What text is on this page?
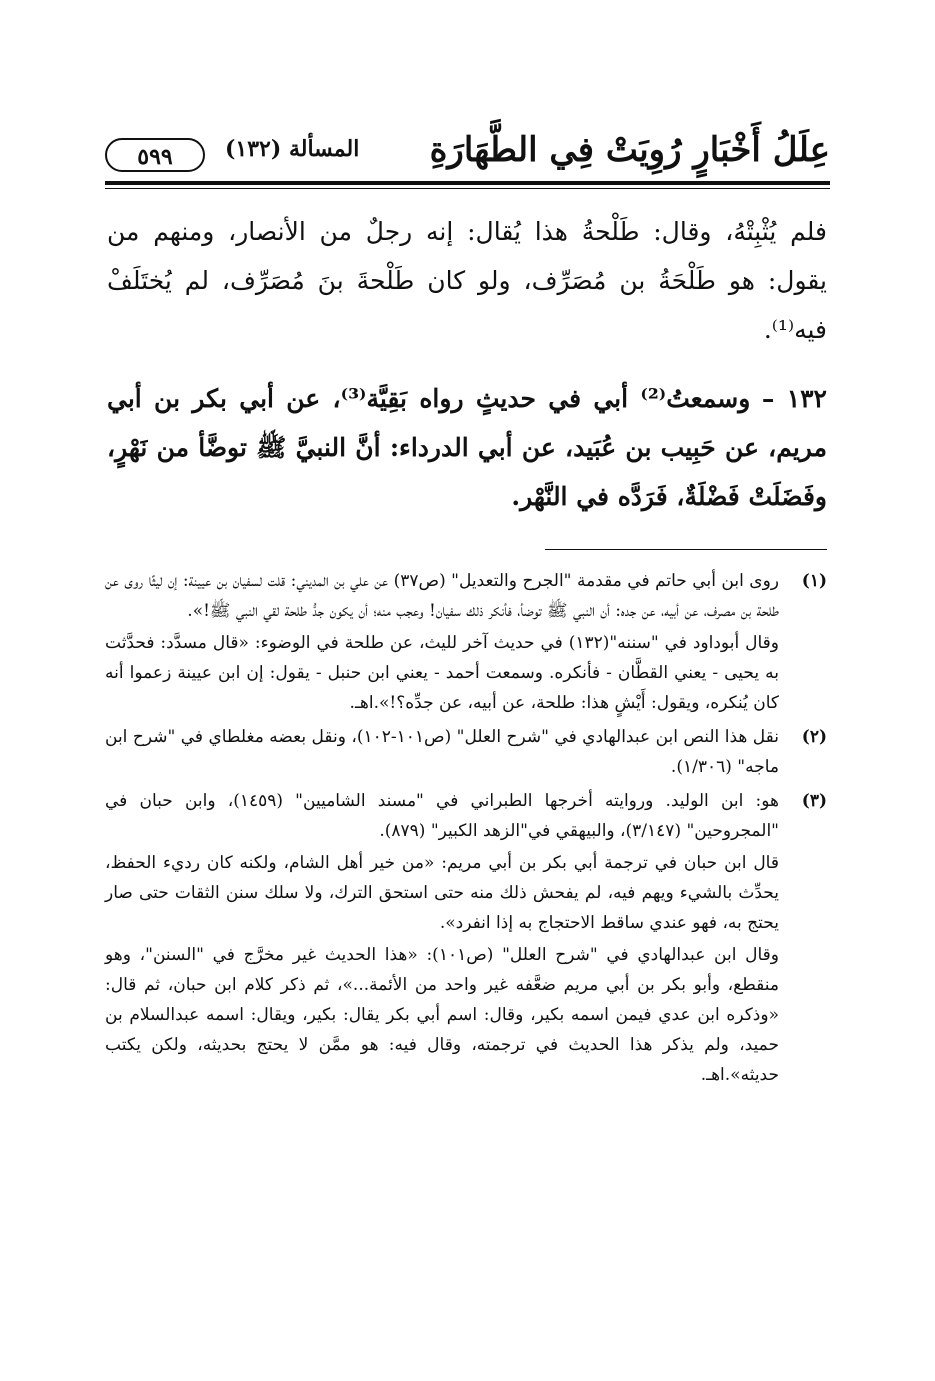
عِلَلُ أَخْبَارٍ رُوِيَتْ فِي الطَّهَارَةِ
المسألة (١٣٢)
٥٩٩

فلم يُثْبِتْهُ، وقال: طَلْحةُ هذا يُقال: إنه رجلٌ من الأنصار، ومنهم من يقول: هو طَلْحَةُ بن مُصَرِّف، ولو كان طَلْحةَ بنَ مُصَرِّف، لم يُختَلَفْ فيه⁽¹⁾.

١٣٢ – وسمعتُ⁽²⁾ أبي في حديثٍ رواه بَقِيَّة⁽³⁾، عن أبي بكر بن أبي مريم، عن حَبِيب بن عُبَيد، عن أبي الدرداء: أنَّ النبيَّ ﷺ توضَّأ من نَهْرٍ، وفَضَلَتْ فَضْلَةٌ، فَرَدَّه في النَّهْر.

(١)

روى ابن أبي حاتم في مقدمة "الجرح والتعديل" (ص٣٧) عن علي بن المديني: قلت لسفيان بن عيينة: إن ليثًا روى عن طلحة بن مصرف، عن أبيه، عن جده: أن النبي ﷺ توضأ، فأنكر ذلك سفيان! وعجب منه؛ أن يكون جدُّ طلحة لقي النبي ﷺ!».

وقال أبوداود في "سننه"(١٣٢) في حديث آخر لليث، عن طلحة في الوضوء: «قال مسدَّد: فحدَّثت به يحيى - يعني القطَّان - فأنكره. وسمعت أحمد - يعني ابن حنبل - يقول: إن ابن عيينة زعموا أنه كان يُنكره، ويقول: أَيْشٍ هذا: طلحة، عن أبيه، عن جدِّه؟!».اهـ.

(٢)

نقل هذا النص ابن عبدالهادي في "شرح العلل" (ص١٠١-١٠٢)، ونقل بعضه مغلطاي في "شرح ابن ماجه" (١/٣٠٦).

(٣)

هو: ابن الوليد. وروايته أخرجها الطبراني في "مسند الشاميين" (١٤٥٩)، وابن حبان في "المجروحين" (٣/١٤٧)، والبيهقي في"الزهد الكبير" (٨٧٩).

قال ابن حبان في ترجمة أبي بكر بن أبي مريم: «من خير أهل الشام، ولكنه كان رديء الحفظ، يحدِّث بالشيء ويهم فيه، لم يفحش ذلك منه حتى استحق الترك، ولا سلك سنن الثقات حتى صار يحتج به، فهو عندي ساقط الاحتجاج به إذا انفرد».

وقال ابن عبدالهادي في "شرح العلل" (ص١٠١): «هذا الحديث غير مخرَّج في "السنن"، وهو منقطع، وأبو بكر بن أبي مريم ضعَّفه غير واحد من الأئمة...»، ثم ذكر كلام ابن حبان، ثم قال: «وذكره ابن عدي فيمن اسمه بكير، وقال: اسم أبي بكر يقال: بكير، ويقال: اسمه عبدالسلام بن حميد، ولم يذكر هذا الحديث في ترجمته، وقال فيه: هو ممَّن لا يحتج بحديثه، ولكن يكتب حديثه».اهـ.
